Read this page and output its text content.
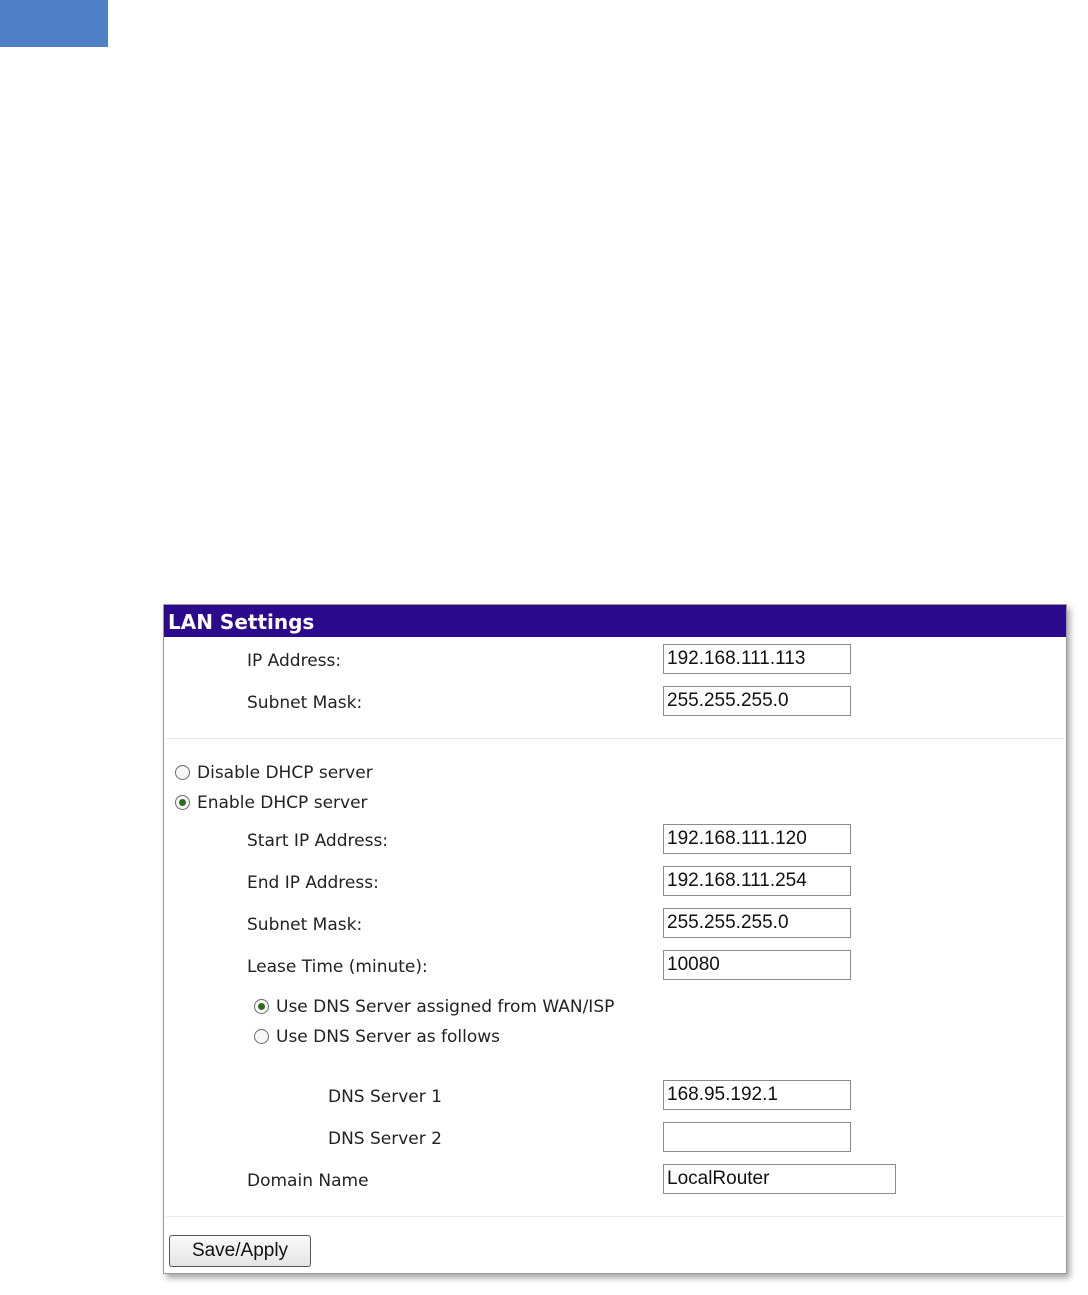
LAN Settings
IP Address:
192.168.111.113
Subnet Mask:
255.255.255.0
Disable DHCP server
Enable DHCP server
Start IP Address:
192.168.111.120
End IP Address:
192.168.111.254
Subnet Mask:
255.255.255.0
Lease Time (minute):
10080
Use DNS Server assigned from WAN/ISP
Use DNS Server as follows
DNS Server 1
168.95.192.1
DNS Server 2
Domain Name
LocalRouter
Save/Apply
